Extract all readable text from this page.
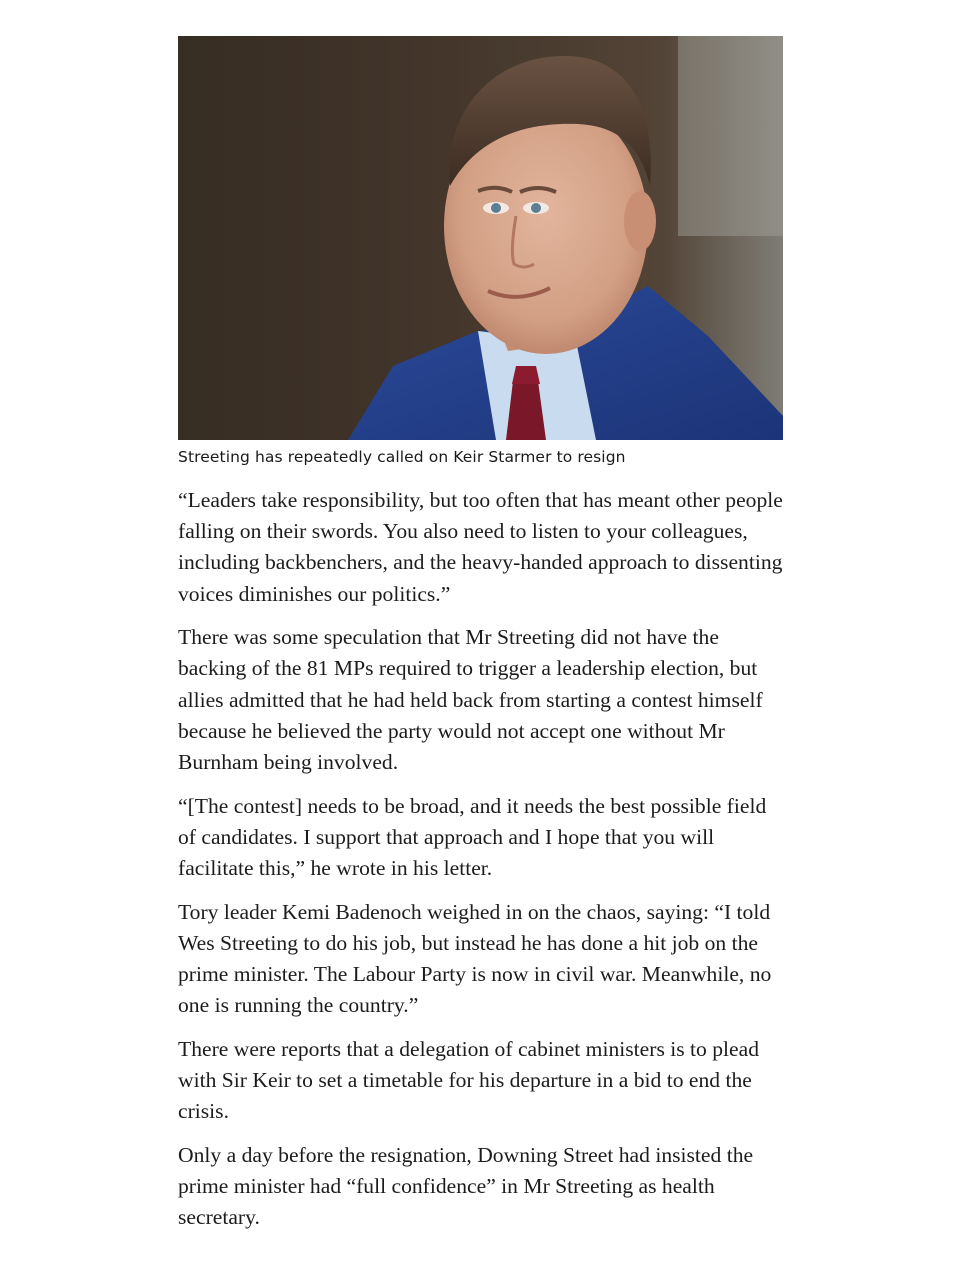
Streeting has repeatedly called on Keir Starmer to resign

“Leaders take responsibility, but too often that has meant other people falling on their swords. You also need to listen to your colleagues, including backbenchers, and the heavy-handed approach to dissenting voices diminishes our politics.”

There was some speculation that Mr Streeting did not have the backing of the 81 MPs required to trigger a leadership election, but allies admitted that he had held back from starting a contest himself because he believed the party would not accept one without Mr Burnham being involved.

“[The contest] needs to be broad, and it needs the best possible field of candidates. I support that approach and I hope that you will facilitate this,” he wrote in his letter.

Tory leader Kemi Badenoch weighed in on the chaos, saying: “I told Wes Streeting to do his job, but instead he has done a hit job on the prime minister. The Labour Party is now in civil war. Meanwhile, no one is running the country.”

There were reports that a delegation of cabinet ministers is to plead with Sir Keir to set a timetable for his departure in a bid to end the crisis.

Only a day before the resignation, Downing Street had insisted the prime minister had “full confidence” in Mr Streeting as health secretary.
